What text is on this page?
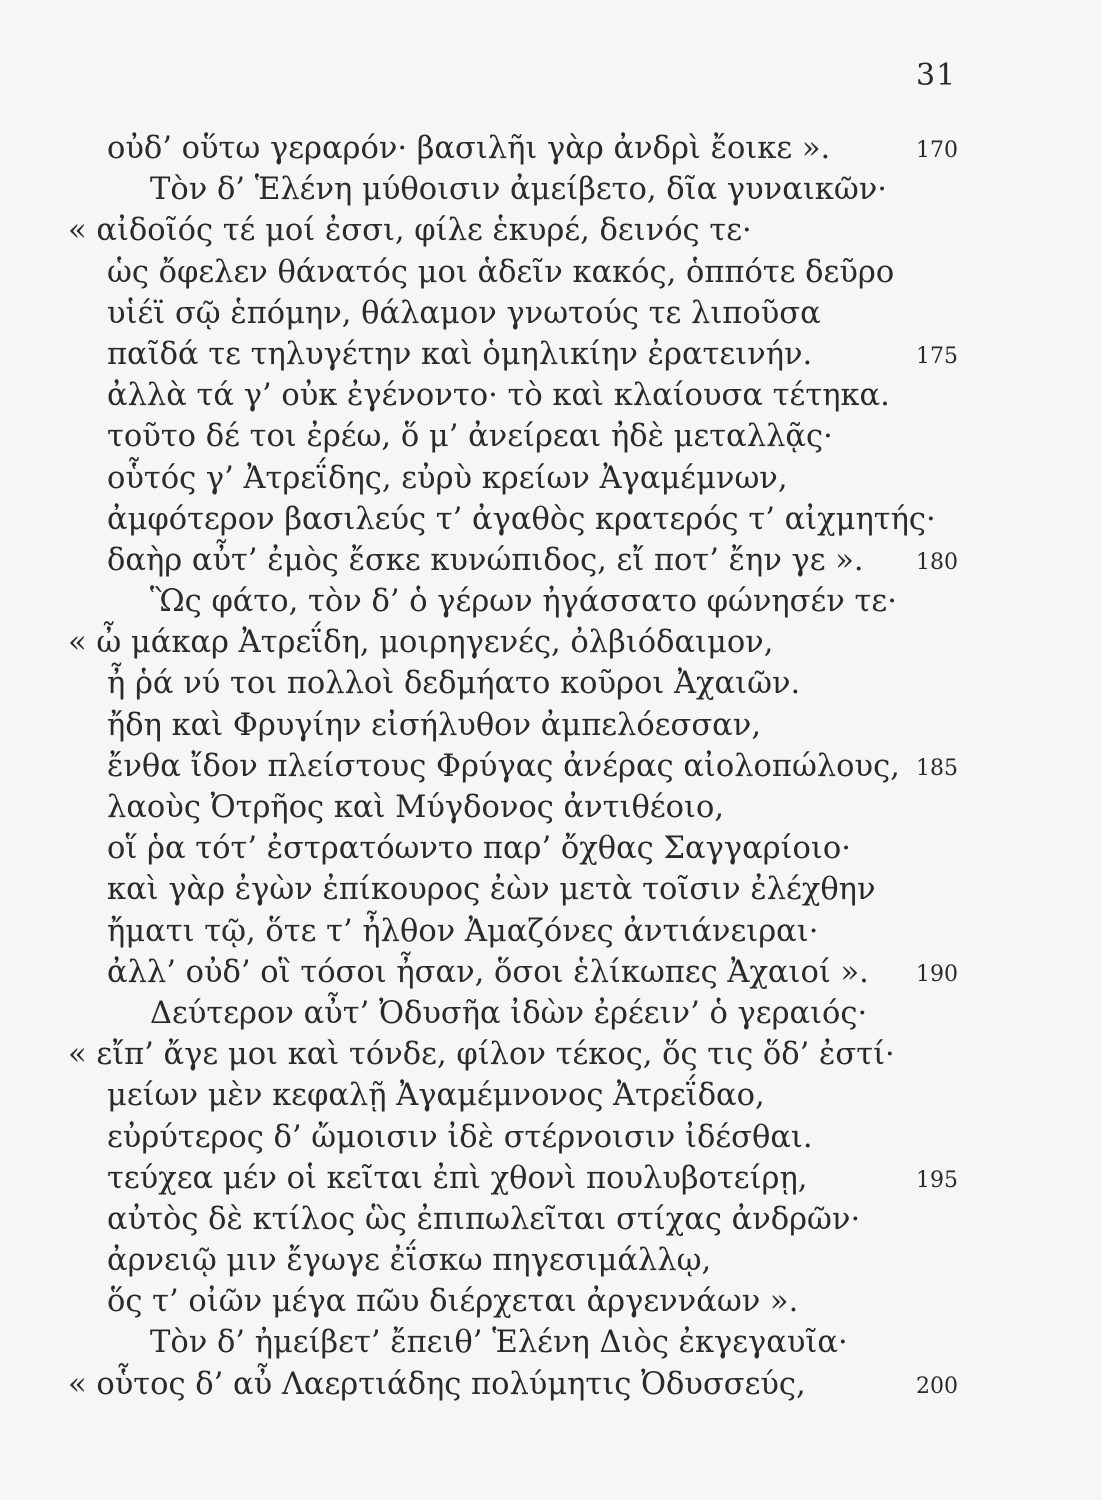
31
οὐδ’ οὕτω γεραρόν· βασιλῆι γὰρ ἀνδρὶ ἔοικε ».	170
Τὸν δ’ Ἑλένη μύθοισιν ἀμείβετο, δῖα γυναικῶν·
« αἰδοῖός τέ μοί ἐσσι, φίλε ἑκυρέ, δεινός τε·
ὡς ὄφελεν θάνατός μοι ἁδεῖν κακός, ὁππότε δεῦρο
υἱέϊ σῷ ἑπόμην, θάλαμον γνωτούς τε λιποῦσα
παῖδά τε τηλυγέτην καὶ ὁμηλικίην ἐρατεινήν.	175
ἀλλὰ τά γ’ οὐκ ἐγένοντο· τὸ καὶ κλαίουσα τέτηκα.
τοῦτο δέ τοι ἐρέω, ὅ μ’ ἀνείρεαι ἠδὲ μεταλλᾷς·
οὗτός γ’ Ἀτρεΐδης, εὐρὺ κρείων Ἀγαμέμνων,
ἀμφότερον βασιλεύς τ’ ἀγαθὸς κρατερός τ’ αἰχμητής·
δαὴρ αὖτ’ ἐμὸς ἔσκε κυνώπιδος, εἴ ποτ’ ἔην γε ». 180
Ὣς φάτο, τὸν δ’ ὁ γέρων ἠγάσσατο φώνησέν τε·
« ὦ μάκαρ Ἀτρεΐδη, μοιρηγενές, ὀλβιόδαιμον,
ἦ ῥά νύ τοι πολλοὶ δεδμήατο κοῦροι Ἀχαιῶν.
ἤδη καὶ Φρυγίην εἰσήλυθον ἀμπελόεσσαν,
ἔνθα ἴδον πλείστους Φρύγας ἀνέρας αἰολοπώλους, 185
λαοὺς Ὀτρῆος καὶ Μύγδονος ἀντιθέοιο,
οἵ ῥα τότ’ ἐστρατόωντο παρ’ ὄχθας Σαγγαρίοιο·
καὶ γὰρ ἐγὼν ἐπίκουρος ἐὼν μετὰ τοῖσιν ἐλέχθην
ἤματι τῷ, ὅτε τ’ ἦλθον Ἀμαζόνες ἀντιάνειραι·
ἀλλ’ οὐδ’ οἳ τόσοι ἦσαν, ὅσοι ἑλίκωπες Ἀχαιοί ». 190
Δεύτερον αὖτ’ Ὀδυσῆα ἰδὼν ἐρέειν’ ὁ γεραιός·
« εἴπ’ ἄγε μοι καὶ τόνδε, φίλον τέκος, ὅς τις ὅδ’ ἐστί·
μείων μὲν κεφαλῇ Ἀγαμέμνονος Ἀτρεΐδαο,
εὐρύτερος δ’ ὤμοισιν ἰδὲ στέρνοισιν ἰδέσθαι.
τεύχεα μέν οἱ κεῖται ἐπὶ χθονὶ πουλυβοτείρῃ,	195
αὐτὸς δὲ κτίλος ὣς ἐπιπωλεῖται στίχας ἀνδρῶν·
ἀρνειῷ μιν ἔγωγε ἐΐσκω πηγεσιμάλλῳ,
ὅς τ’ οἰῶν μέγα πῶυ διέρχεται ἀργεννάων ».
Τὸν δ’ ἠμείβετ’ ἔπειθ’ Ἑλένη Διὸς ἐκγεγαυῖα·
« οὗτος δ’ αὖ Λαερτιάδης πολύμητις Ὀδυσσεύς,	200
